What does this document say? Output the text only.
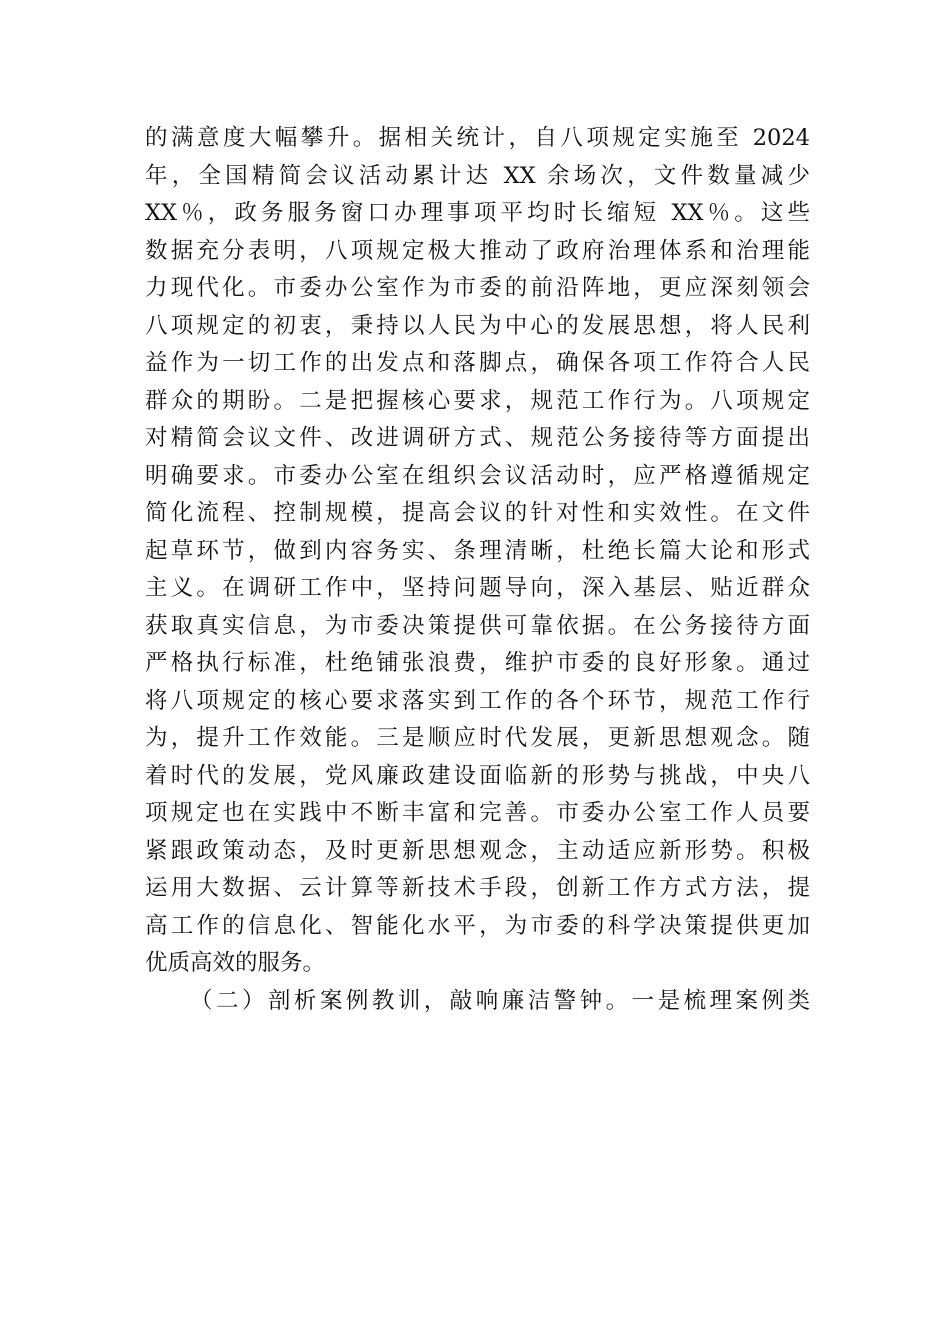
的满意度大幅攀升。据相关统计，自八项规定实施至 2024
年，全国精简会议活动累计达 XX 余场次，文件数量减少
XX％，政务服务窗口办理事项平均时长缩短 XX％。这些
数据充分表明，八项规定极大推动了政府治理体系和治理能
力现代化。市委办公室作为市委的前沿阵地，更应深刻领会
八项规定的初衷，秉持以人民为中心的发展思想，将人民利
益作为一切工作的出发点和落脚点，确保各项工作符合人民
群众的期盼。二是把握核心要求，规范工作行为。八项规定
对精简会议文件、改进调研方式、规范公务接待等方面提出
明确要求。市委办公室在组织会议活动时，应严格遵循规定
简化流程、控制规模，提高会议的针对性和实效性。在文件
起草环节，做到内容务实、条理清晰，杜绝长篇大论和形式
主义。在调研工作中，坚持问题导向，深入基层、贴近群众
获取真实信息，为市委决策提供可靠依据。在公务接待方面
严格执行标准，杜绝铺张浪费，维护市委的良好形象。通过
将八项规定的核心要求落实到工作的各个环节，规范工作行
为，提升工作效能。三是顺应时代发展，更新思想观念。随
着时代的发展，党风廉政建设面临新的形势与挑战，中央八
项规定也在实践中不断丰富和完善。市委办公室工作人员要
紧跟政策动态，及时更新思想观念，主动适应新形势。积极
运用大数据、云计算等新技术手段，创新工作方式方法，提
高工作的信息化、智能化水平，为市委的科学决策提供更加
优质高效的服务。
（二）剖析案例教训，敲响廉洁警钟。一是梳理案例类
